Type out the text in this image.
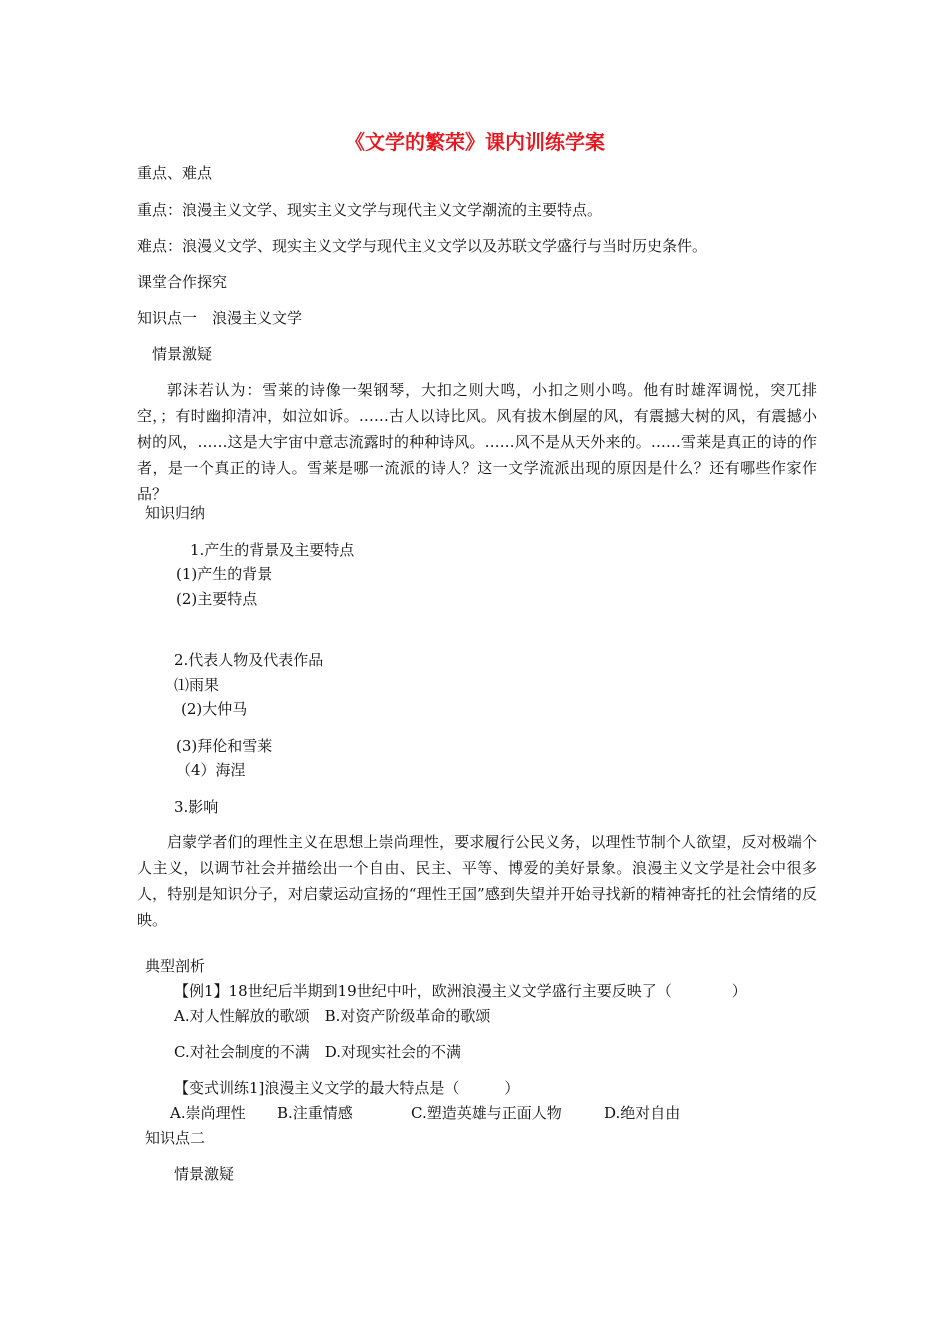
《文学的繁荣》课内训练学案
重点、难点
重点：浪漫主义文学、现实主义文学与现代主义文学潮流的主要特点。
难点：浪漫义文学、现实主义文学与现代主义文学以及苏联文学盛行与当时历史条件。
课堂合作探究
知识点一　浪漫主义文学
情景激疑
郭沫若认为：雪莱的诗像一架钢琴，大扣之则大鸣，小扣之则小鸣。他有时雄浑调悦，突兀排空，；有时幽抑清冲，如泣如诉。……古人以诗比风。风有拔木倒屋的风，有震撼大树的风，有震撼小树的风，……这是大宇宙中意志流露时的种种诗风。……风不是从天外来的。……雪莱是真正的诗的作者，是一个真正的诗人。雪莱是哪一流派的诗人？这一文学流派出现的原因是什么？还有哪些作家作品？
知识归纳
1.产生的背景及主要特点
(1)产生的背景
(2)主要特点
2.代表人物及代表作品
⑴雨果
(2)大仲马
(3)拜伦和雪莱
（4）海涅
3.影响
启蒙学者们的理性主义在思想上崇尚理性，要求履行公民义务，以理性节制个人欲望，反对极端个人主义，以调节社会并描绘出一个自由、民主、平等、博爱的美好景象。浪漫主义文学是社会中很多人，特别是知识分子，对启蒙运动宣扬的“理性王国”感到失望并开始寻找新的精神寄托的社会情绪的反映。
典型剖析
【例1】18世纪后半期到19世纪中叶，欧洲浪漫主义文学盛行主要反映了（　　　　）
A.对人性解放的歌颂　B.对资产阶级革命的歌颂
C.对社会制度的不满　D.对现实社会的不满
【变式训练1]浪漫主义文学的最大特点是（　　　）
A.崇尚理性 B.注重情感	C.塑造英雄与正面人物	D.绝对自由
知识点二
情景激疑
